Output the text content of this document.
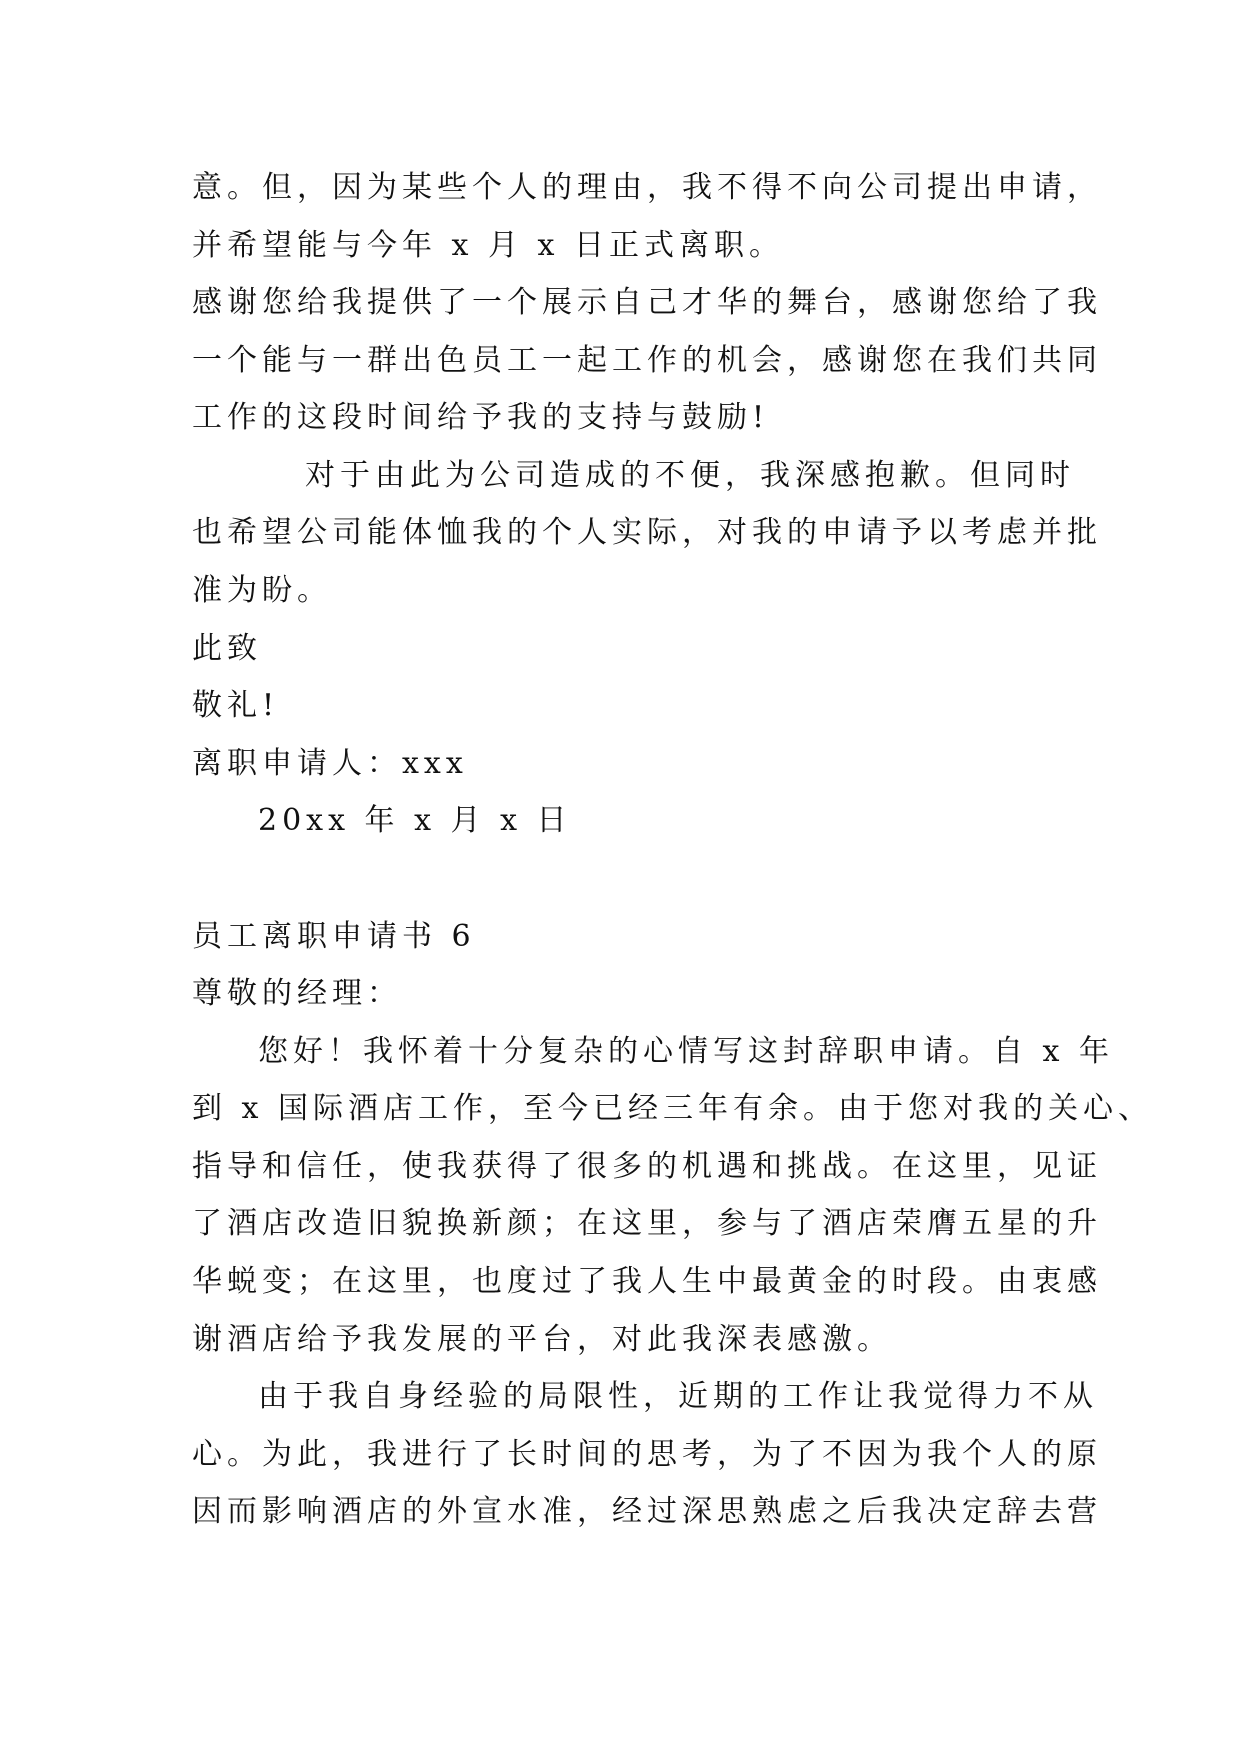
意。但，因为某些个人的理由，我不得不向公司提出申请，
并希望能与今年 x 月 x 日正式离职。
感谢您给我提供了一个展示自己才华的舞台，感谢您给了我
一个能与一群出色员工一起工作的机会，感谢您在我们共同
工作的这段时间给予我的支持与鼓励!
对于由此为公司造成的不便，我深感抱歉。但同时
也希望公司能体恤我的个人实际，对我的申请予以考虑并批
准为盼。
此致
敬礼!
离职申请人：xxx
20xx 年 x 月 x 日
员工离职申请书 6
尊敬的经理：
您好！我怀着十分复杂的心情写这封辞职申请。自 x 年
到 x 国际酒店工作，至今已经三年有余。由于您对我的关心、
指导和信任，使我获得了很多的机遇和挑战。在这里，见证
了酒店改造旧貌换新颜；在这里，参与了酒店荣膺五星的升
华蜕变；在这里，也度过了我人生中最黄金的时段。由衷感
谢酒店给予我发展的平台，对此我深表感激。
由于我自身经验的局限性，近期的工作让我觉得力不从
心。为此，我进行了长时间的思考，为了不因为我个人的原
因而影响酒店的外宣水准，经过深思熟虑之后我决定辞去营
